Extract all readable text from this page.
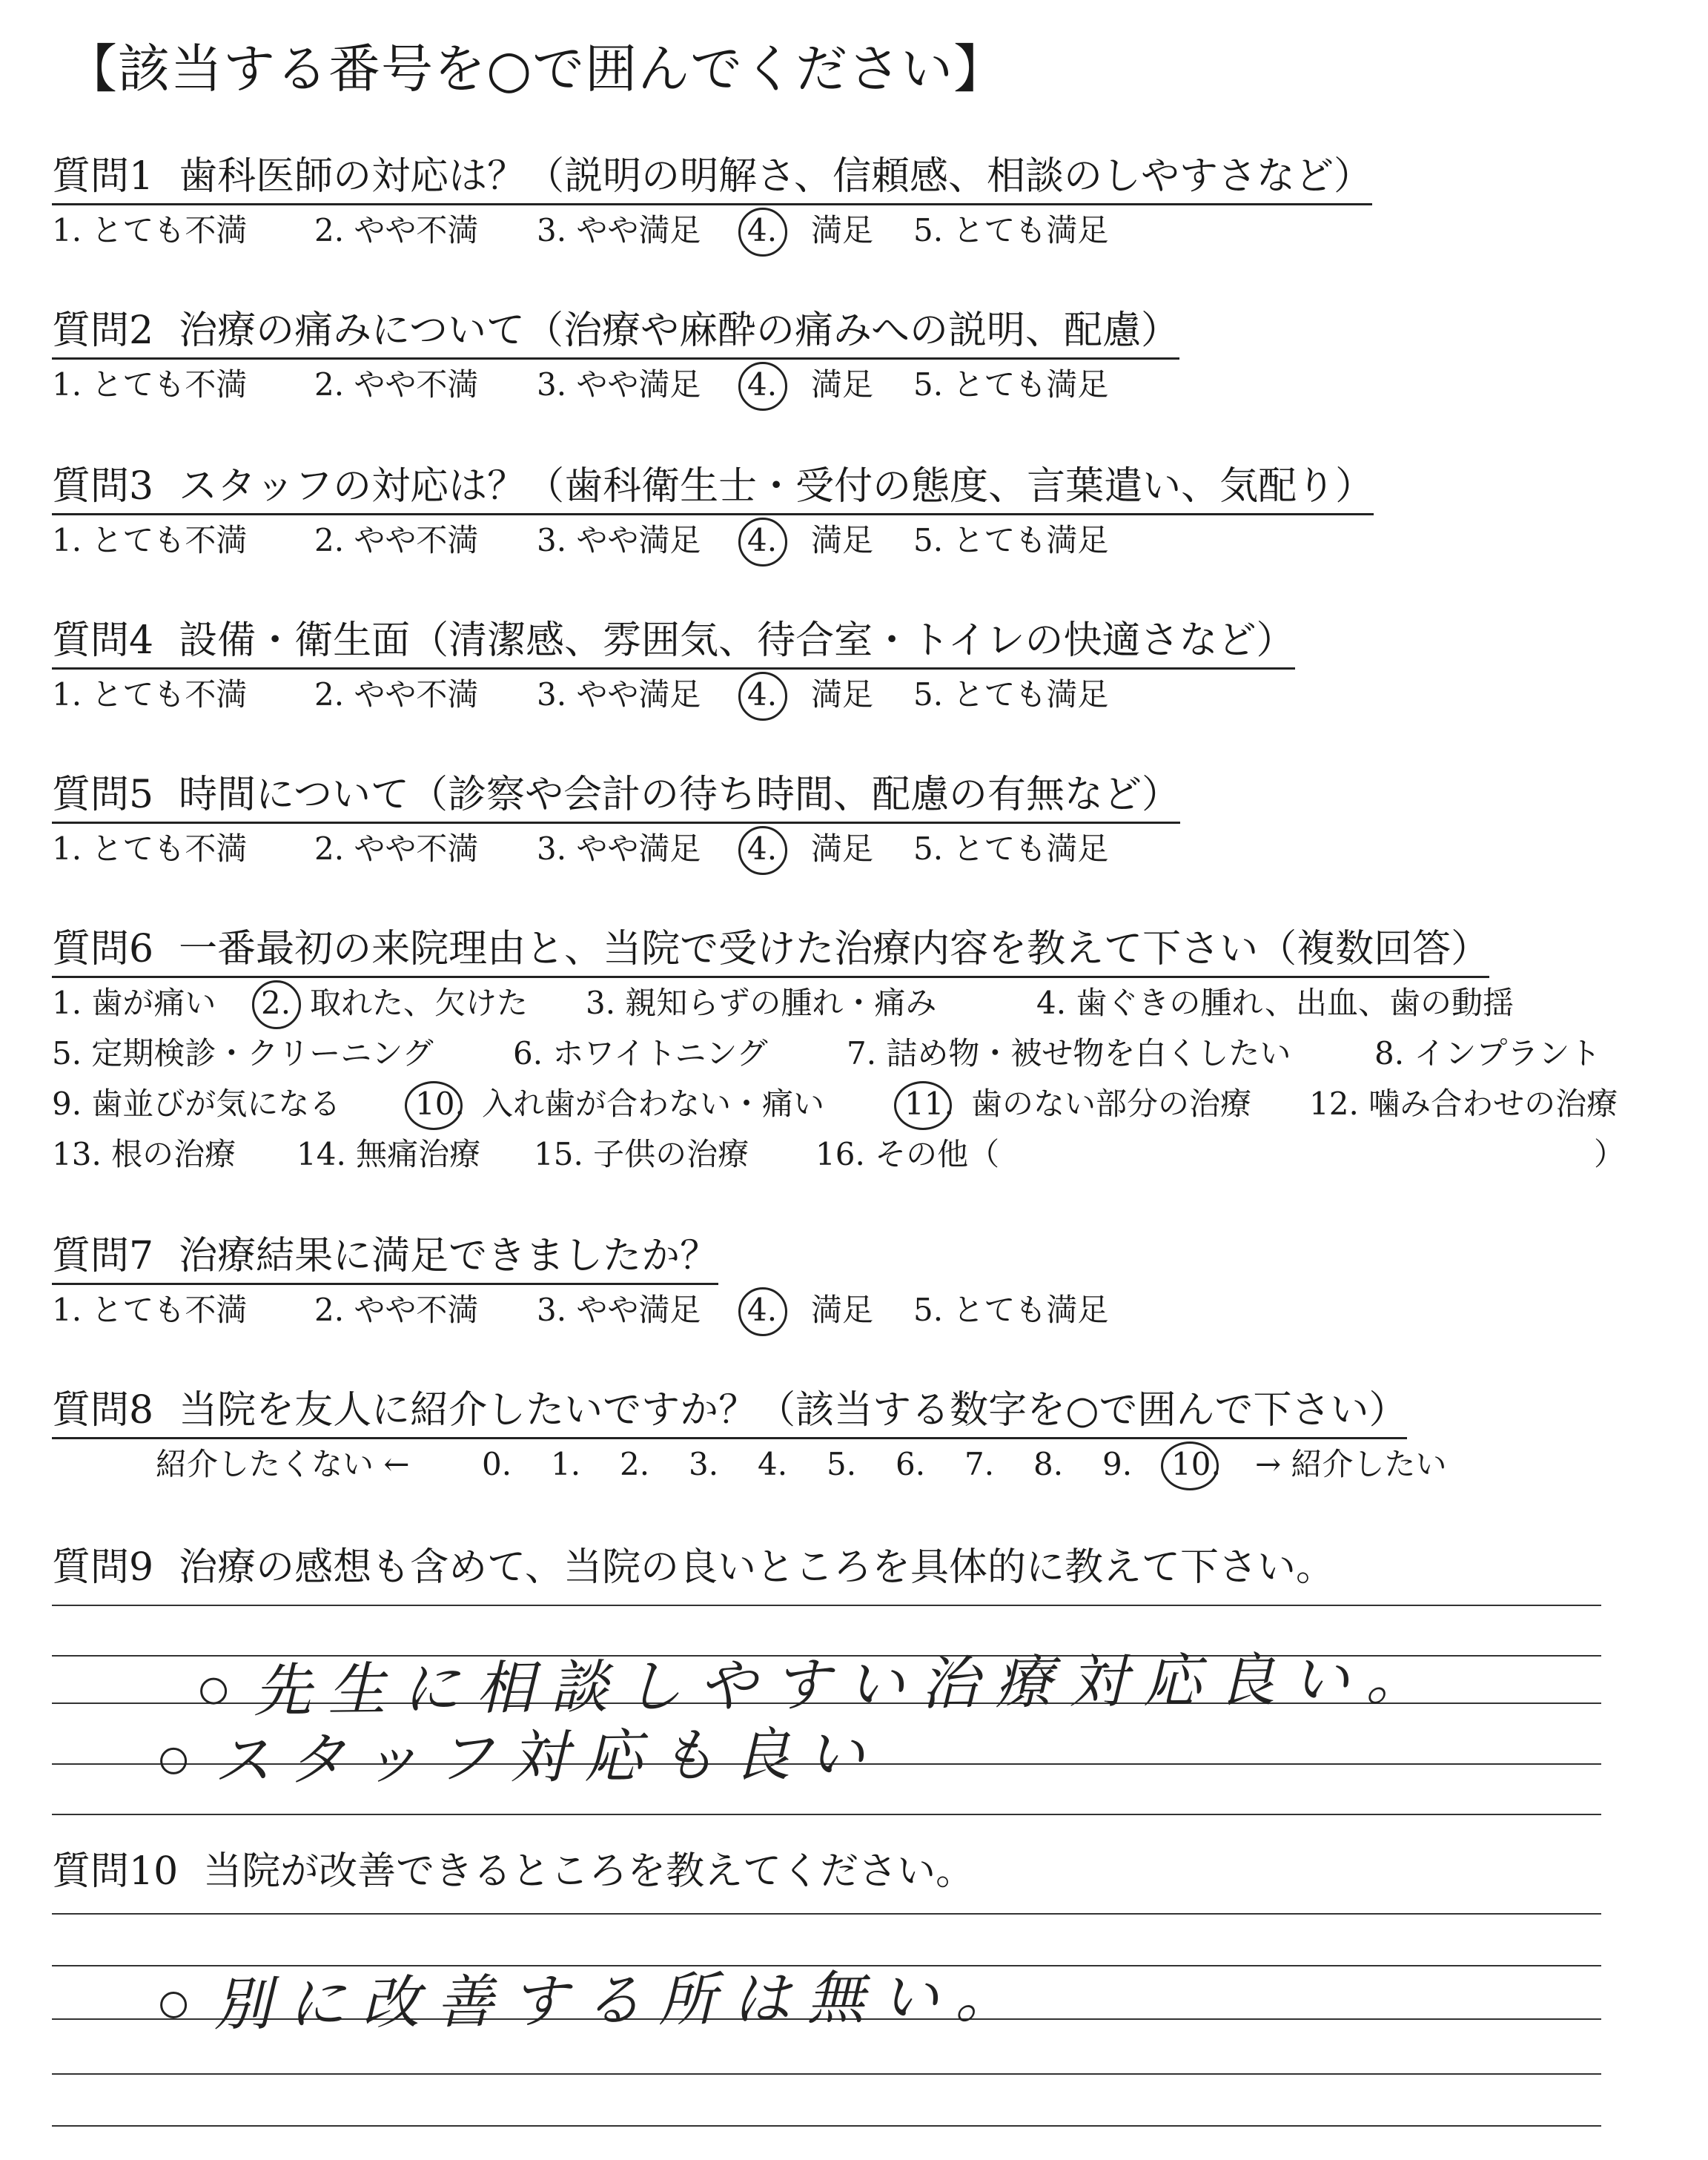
【該当する番号を○で囲んでください】
質問1 歯科医師の対応は？（説明の明解さ、信頼感、相談のしやすさなど）
1. とても不満 2. やや不満 3. やや満足 4. 満足 5. とても満足
質問2 治療の痛みについて（治療や麻酔の痛みへの説明、配慮）
1. とても不満 2. やや不満 3. やや満足 4. 満足 5. とても満足
質問3 スタッフの対応は？（歯科衛生士・受付の態度、言葉遣い、気配り）
1. とても不満 2. やや不満 3. やや満足 4. 満足 5. とても満足
質問4 設備・衛生面（清潔感、雰囲気、待合室・トイレの快適さなど）
1. とても不満 2. やや不満 3. やや満足 4. 満足 5. とても満足
質問5 時間について（診察や会計の待ち時間、配慮の有無など）
1. とても不満 2. やや不満 3. やや満足 4. 満足 5. とても満足
質問6 一番最初の来院理由と、当院で受けた治療内容を教えて下さい（複数回答）
1. 歯が痛い 2. 取れた、欠けた 3. 親知らずの腫れ・痛み	4. 歯ぐきの腫れ、出血、歯の動揺
5. 定期検診・クリーニング	6. ホワイトニング	7. 詰め物・被せ物を白くしたい	8. インプラント
9. 歯並びが気になる 10. 入れ歯が合わない・痛い	11. 歯のない部分の治療 12. 噛み合わせの治療
13. 根の治療 14. 無痛治療 15. 子供の治療 16. その他（	）
質問7 治療結果に満足できましたか？
1. とても不満 2. やや不満 3. やや満足 4. 満足 5. とても満足
質問8 当院を友人に紹介したいですか？（該当する数字を○で囲んで下さい）
紹介したくない ← 0. 1. 2. 3. 4. 5. 6. 7. 8. 9. 10. → 紹介したい
質問9 治療の感想も含めて、当院の良いところを具体的に教えて下さい。
先生に相談しやすい治療対応良い。
スタッフ対応も良い
質問10 当院が改善できるところを教えてください。
別に改善する所は無い。
